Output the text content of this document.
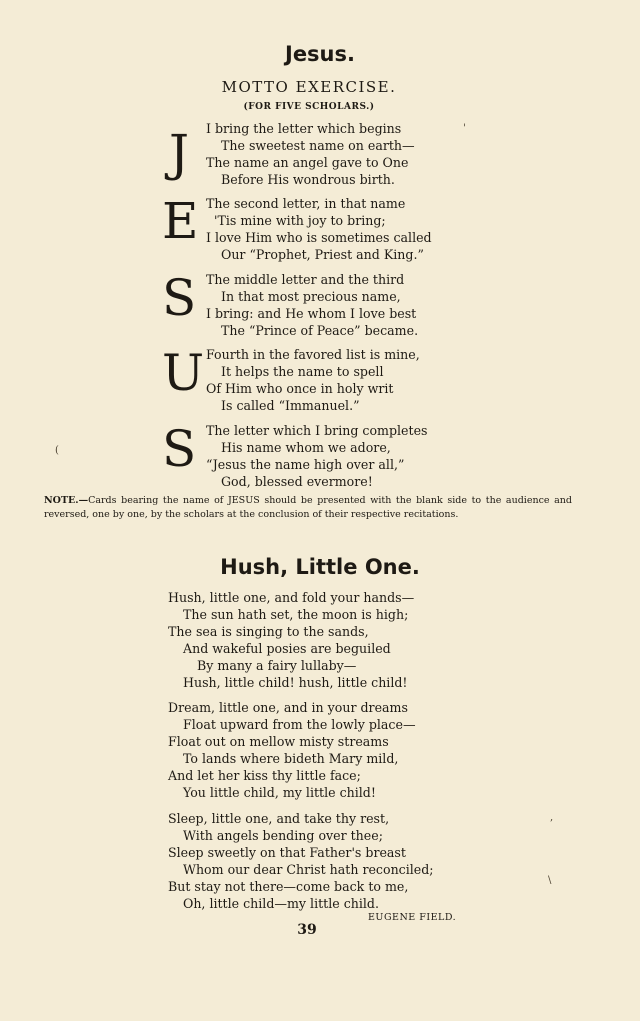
Jesus.
MOTTO EXERCISE.
(FOR FIVE SCHOLARS.)
J	I bring the letter which begins
The sweetest name on earth—
The name an angel gave to One
Before His wondrous birth.
E The second letter, in that name
'Tis mine with joy to bring;
I love Him who is sometimes called
Our “Prophet, Priest and King.”
S The middle letter and the third
In that most precious name,
I bring: and He whom I love best
The “Prince of Peace” became.
U Fourth in the favored list is mine,
It helps the name to spell
Of Him who once in holy writ
Is called “Immanuel.”
S The letter which I bring completes
His name whom we adore,
“Jesus the name high over all,”
God, blessed evermore!
NOTE.—Cards bearing the name of JESUS should be presented with the blank side to the audience and reversed, one by one, by the scholars at the conclusion of their respective recitations.
Hush, Little One.
Hush, little one, and fold your hands—
The sun hath set, the moon is high;
The sea is singing to the sands,
And wakeful posies are beguiled
By many a fairy lullaby—
Hush, little child! hush, little child!
Dream, little one, and in your dreams
Float upward from the lowly place—
Float out on mellow misty streams
To lands where bideth Mary mild,
And let her kiss thy little face;
You little child, my little child!
Sleep, little one, and take thy rest,
With angels bending over thee;
Sleep sweetly on that Father's breast
Whom our dear Christ hath reconciled;
But stay not there—come back to me,
Oh, little child—my little child.
EUGENE FIELD.
39
'
(
,
\
